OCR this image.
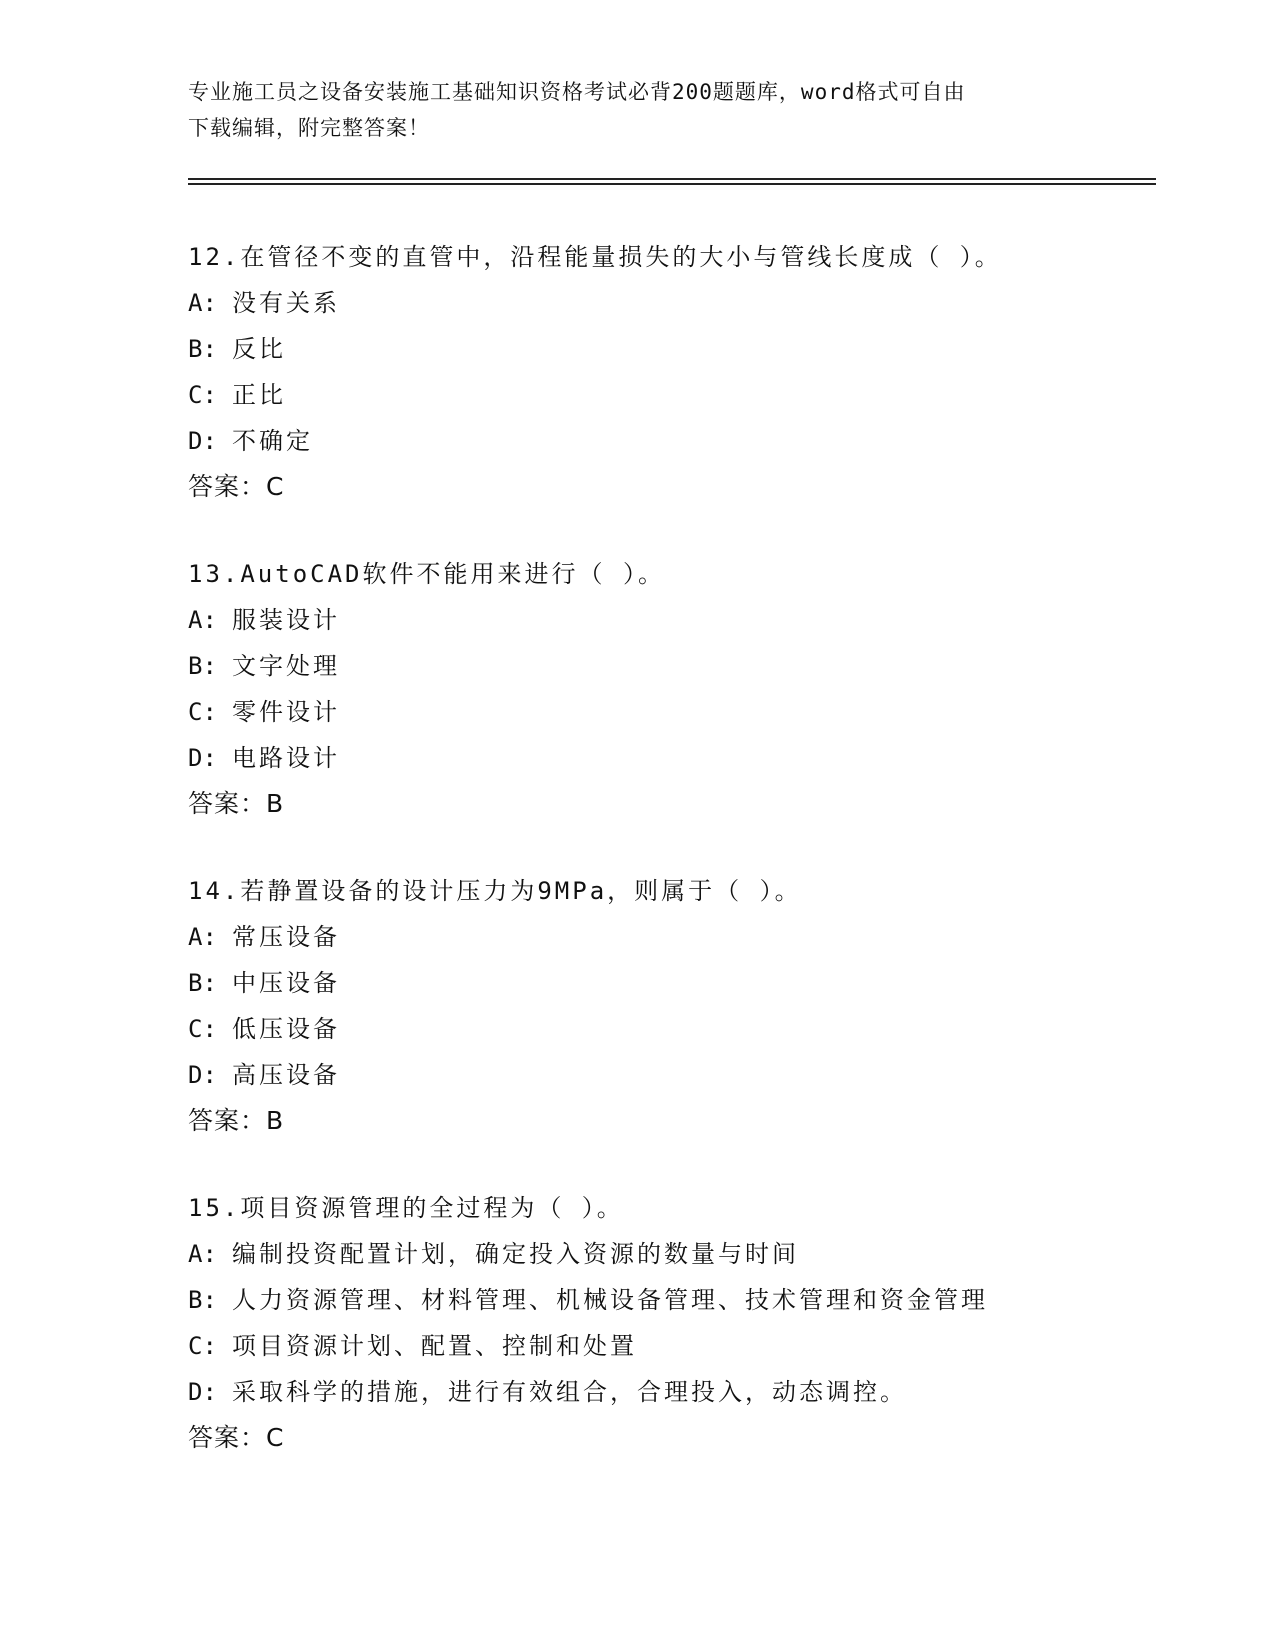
专业施工员之设备安装施工基础知识资格考试必背200题题库，word格式可自由
下载编辑，附完整答案！
12.在管径不变的直管中，沿程能量损失的大小与管线长度成（ ）。
A: 没有关系
B: 反比
C: 正比
D: 不确定
答案：C
13.AutoCAD软件不能用来进行（ ）。
A: 服装设计
B: 文字处理
C: 零件设计
D: 电路设计
答案：B
14.若静置设备的设计压力为9MPa，则属于（ ）。
A: 常压设备
B: 中压设备
C: 低压设备
D: 高压设备
答案：B
15.项目资源管理的全过程为（ ）。
A: 编制投资配置计划，确定投入资源的数量与时间
B: 人力资源管理、材料管理、机械设备管理、技术管理和资金管理
C: 项目资源计划、配置、控制和处置
D: 采取科学的措施，进行有效组合，合理投入，动态调控。
答案：C
